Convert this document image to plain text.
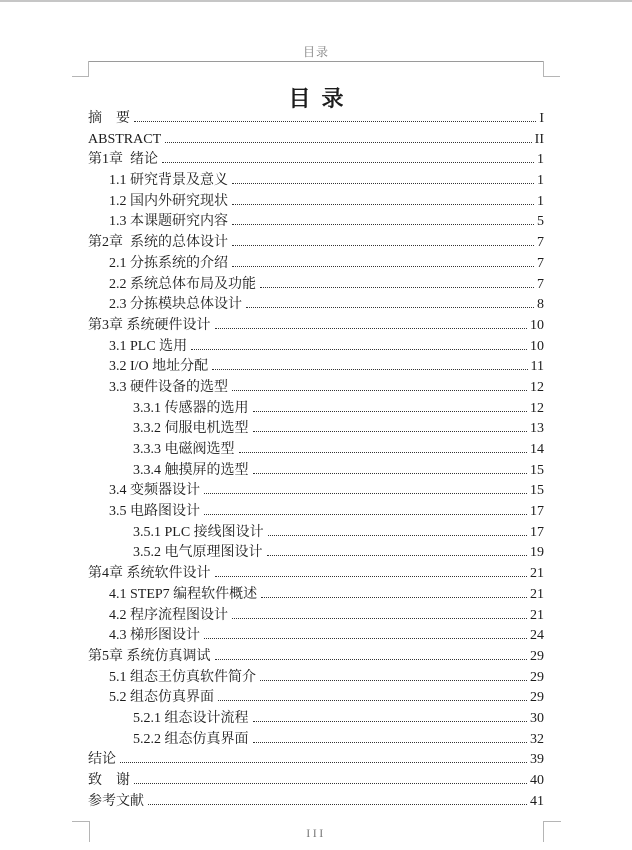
目录
目  录
摘　要	I
ABSTRACT	II
第1章  绪论	1
1.1 研究背景及意义	1
1.2 国内外研究现状	1
1.3 本课题研究内容	5
第2章  系统的总体设计	7
2.1 分拣系统的介绍	7
2.2 系统总体布局及功能	7
2.3 分拣模块总体设计	8
第3章 系统硬件设计	10
3.1 PLC 选用	10
3.2 I/O 地址分配	11
3.3 硬件设备的选型	12
3.3.1 传感器的选用	12
3.3.2 伺服电机选型	13
3.3.3 电磁阀选型	14
3.3.4 触摸屏的选型	15
3.4 变频器设计	15
3.5 电路图设计	17
3.5.1 PLC 接线图设计	17
3.5.2 电气原理图设计	19
第4章 系统软件设计	21
4.1 STEP7 编程软件概述	21
4.2 程序流程图设计	21
4.3 梯形图设计	24
第5章 系统仿真调试	29
5.1 组态王仿真软件简介	29
5.2 组态仿真界面	29
5.2.1 组态设计流程	30
5.2.2 组态仿真界面	32
结论	39
致　谢	40
参考文献	41
III
